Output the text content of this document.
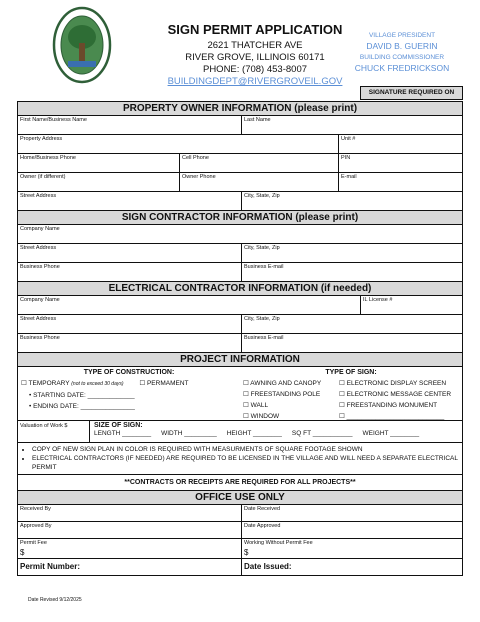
SIGN PERMIT APPLICATION
2621 THATCHER AVE
RIVER GROVE, ILLINOIS 60171
PHONE: (708) 453-8007
BUILDINGDEPT@RIVERGROVEIL.GOV
VILLAGE PRESIDENT
DAVID B. GUERIN
BUILDING COMMISSIONER
CHUCK FREDRICKSON
SIGNATURE REQUIRED ON
PROPERTY OWNER INFORMATION (please print)
First Name/Business Name	Last Name
Property Address	Unit #
Home/Business Phone	Cell Phone	PIN
Owner (if different)	Owner Phone	E-mail
Street Address	City, State, Zip
SIGN CONTRACTOR INFORMATION (please print)
Company Name
Street Address	City, State, Zip
Business Phone	Business E-mail
ELECTRICAL CONTRACTOR INFORMATION (if needed)
Company Name	IL License #
Street Address	City, State, Zip
Business Phone	Business E-mail
PROJECT INFORMATION
TYPE OF CONSTRUCTION:
☐ TEMPORARY (not to exceed 30 days) ☐ PERMAMENT
• STARTING DATE: _____________
• ENDING DATE: _______________
TYPE OF SIGN:
☐ AWNING AND CANOPY
☐ FREESTANDING POLE
☐ WALL
☐ WINDOW
☐ ELECTRONIC DISPLAY SCREEN
☐ ELECTRONIC MESSAGE CENTER
☐ FREESTANDING MONUMENT
☐ ___________________________
Valuation of Work $	SIZE OF SIGN:
LENGTH ________ WIDTH _________ HEIGHT ________ SQ FT ___________ WEIGHT ________
• COPY OF NEW SIGN PLAN IN COLOR IS REQUIRED WITH MEASURMENTS OF SQUARE FOOTAGE SHOWN
• ELECTRICAL CONTRACTORS (IF NEEDED) ARE REQUIRED TO BE LICENSED IN THE VILLAGE AND WILL NEED A SEPARATE ELECTRICAL PERMIT
**CONTRACTS OR RECEIPTS ARE REQUIRED FOR ALL PROJECTS**
OFFICE USE ONLY
Received By	Date Received
Approved By	Date Approved
Permit Fee
$
Working Without Permit Fee
$
Permit Number:	Date Issued:
Date Revised 9/12/2025
